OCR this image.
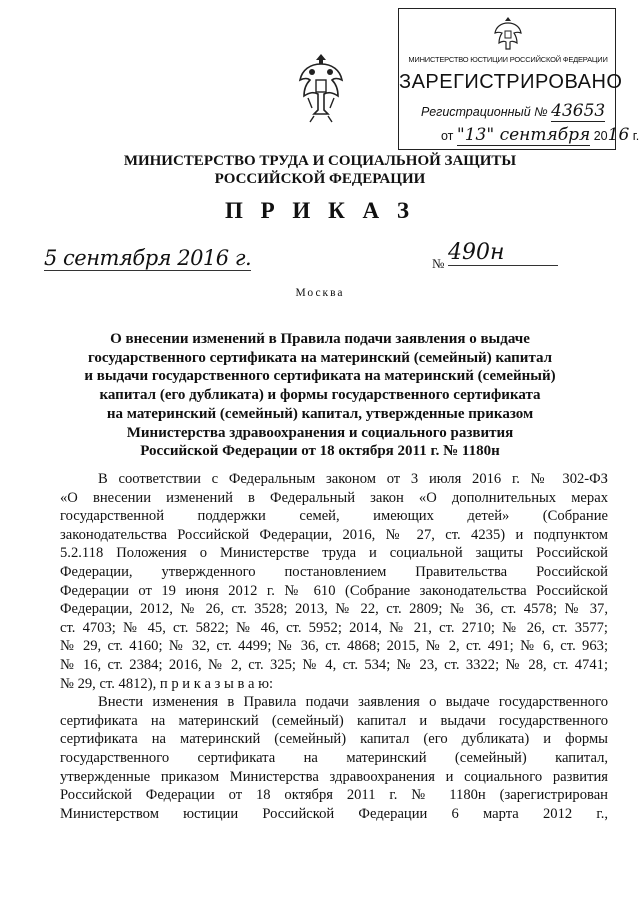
МИНИСТЕРСТВО ЮСТИЦИИ РОССИЙСКОЙ ФЕДЕРАЦИИ
ЗАРЕГИСТРИРОВАНО
Регистрационный № 43653
от "13" сентября 2016 г.
МИНИСТЕРСТВО ТРУДА И СОЦИАЛЬНОЙ ЗАЩИТЫ
РОССИЙСКОЙ ФЕДЕРАЦИИ
П Р И К А З
5 сентября 2016 г.	№ 490н
Москва
О внесении изменений в Правила подачи заявления о выдаче
государственного сертификата на материнский (семейный) капитал
и выдачи государственного сертификата на материнский (семейный)
капитал (его дубликата) и формы государственного сертификата
на материнский (семейный) капитал, утвержденные приказом
Министерства здравоохранения и социального развития
Российской Федерации от 18 октября 2011 г. № 1180н
В соответствии с Федеральным законом от 3 июля 2016 г. № 302-ФЗ
«О внесении изменений в Федеральный закон «О дополнительных мерах
государственной поддержки семей, имеющих детей» (Собрание
законодательства Российской Федерации, 2016, № 27, ст. 4235) и подпунктом
5.2.118 Положения о Министерстве труда и социальной защиты Российской
Федерации, утвержденного постановлением Правительства Российской
Федерации от 19 июня 2012 г. № 610 (Собрание законодательства Российской
Федерации, 2012, № 26, ст. 3528; 2013, № 22, ст. 2809; № 36, ст. 4578; № 37,
ст. 4703; № 45, ст. 5822; № 46, ст. 5952; 2014, № 21, ст. 2710; № 26, ст. 3577;
№ 29, ст. 4160; № 32, ст. 4499; № 36, ст. 4868; 2015, № 2, ст. 491; № 6, ст. 963;
№ 16, ст. 2384; 2016, № 2, ст. 325; № 4, ст. 534; № 23, ст. 3322; № 28, ст. 4741;
№ 29, ст. 4812), п р и к а з ы в а ю:
Внести изменения в Правила подачи заявления о выдаче государственного
сертификата на материнский (семейный) капитал и выдачи государственного
сертификата на материнский (семейный) капитал (его дубликата) и формы
государственного сертификата на материнский (семейный) капитал,
утвержденные приказом Министерства здравоохранения и социального развития
Российской Федерации от 18 октября 2011 г. № 1180н (зарегистрирован
Министерством юстиции Российской Федерации 6 марта 2012 г.,
